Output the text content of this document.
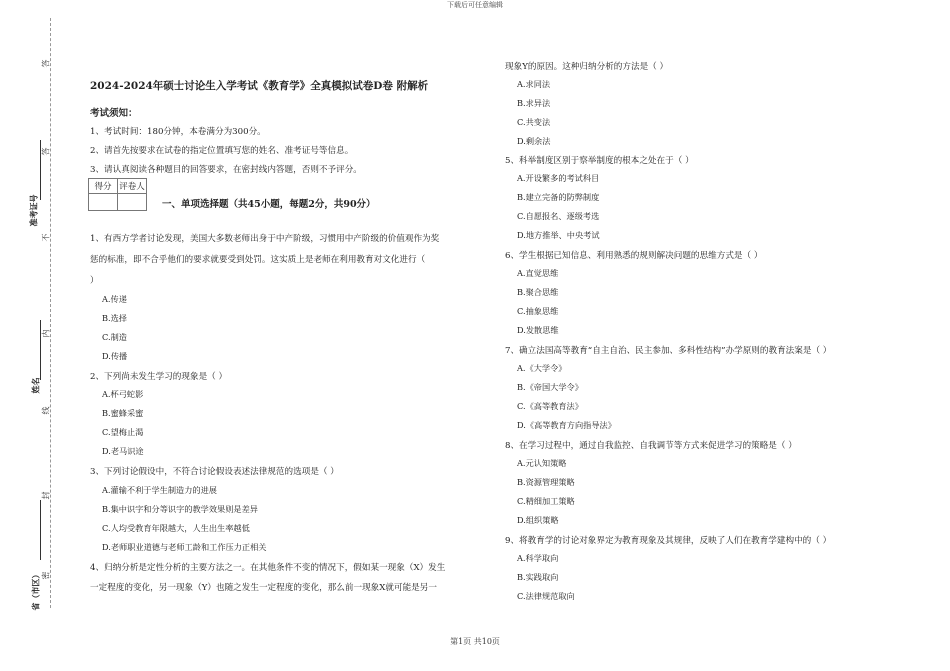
下载后可任意编辑
答
答
不
内
线
封
密
准考证号
姓名
省（市区）
2024-2024年硕士讨论生入学考试《教育学》全真模拟试卷D卷 附解析
考试须知：
1、考试时间：180分钟，本卷满分为300分。
2、请首先按要求在试卷的指定位置填写您的姓名、准考证号等信息。
3、请认真阅读各种题目的回答要求，在密封线内答题，否则不予评分。
得分	评卷人

一、单项选择题（共45小题，每题2分，共90分）
1、有西方学者讨论发现，美国大多数老师出身于中产阶级，习惯用中产阶级的价值观作为奖
惩的标准，即不合乎他们的要求就要受到处罚。这实质上是老师在利用教育对文化进行（
）
A.传递
B.选择
C.制造
D.传播
2、下列尚未发生学习的现象是（ ）
A.杯弓蛇影
B.蜜蜂采蜜
C.望梅止渴
D.老马识途
3、下列讨论假设中，不符合讨论假设表述法律规范的选项是（ ）
A.灌输不利于学生制造力的进展
B.集中识字和分等识字的教学效果则是差异
C.人均受教育年限越大，人生出生率越低
D.老师职业道德与老师工龄和工作压力正相关
4、归纳分析是定性分析的主要方法之一。在其他条件不变的情况下，假如某一现象（X）发生
一定程度的变化，另一现象（Y）也随之发生一定程度的变化，那么前一现象X就可能是另一
现象Y的原因。这种归纳分析的方法是（ ）
A.求同法
B.求异法
C.共变法
D.剩余法
5、科举制度区别于察举制度的根本之处在于（ ）
A.开设繁多的考试科目
B.建立完备的防弊制度
C.自愿报名、逐级考选
D.地方推举、中央考试
6、学生根据已知信息、利用熟悉的规则解决问题的思维方式是（ ）
A.直觉思维
B.聚合思维
C.抽象思维
D.发散思维
7、确立法国高等教育“自主自治、民主参加、多科性结构”办学原则的教育法案是（ ）
A.《大学令》
B.《帝国大学令》
C.《高等教育法》
D.《高等教育方向指导法》
8、在学习过程中，通过自我监控、自我调节等方式来促进学习的策略是（ ）
A.元认知策略
B.资源管理策略
C.精细加工策略
D.组织策略
9、将教育学的讨论对象界定为教育现象及其规律，反映了人们在教育学建构中的（ ）
A.科学取向
B.实践取向
C.法律规范取向
第1页 共10页
